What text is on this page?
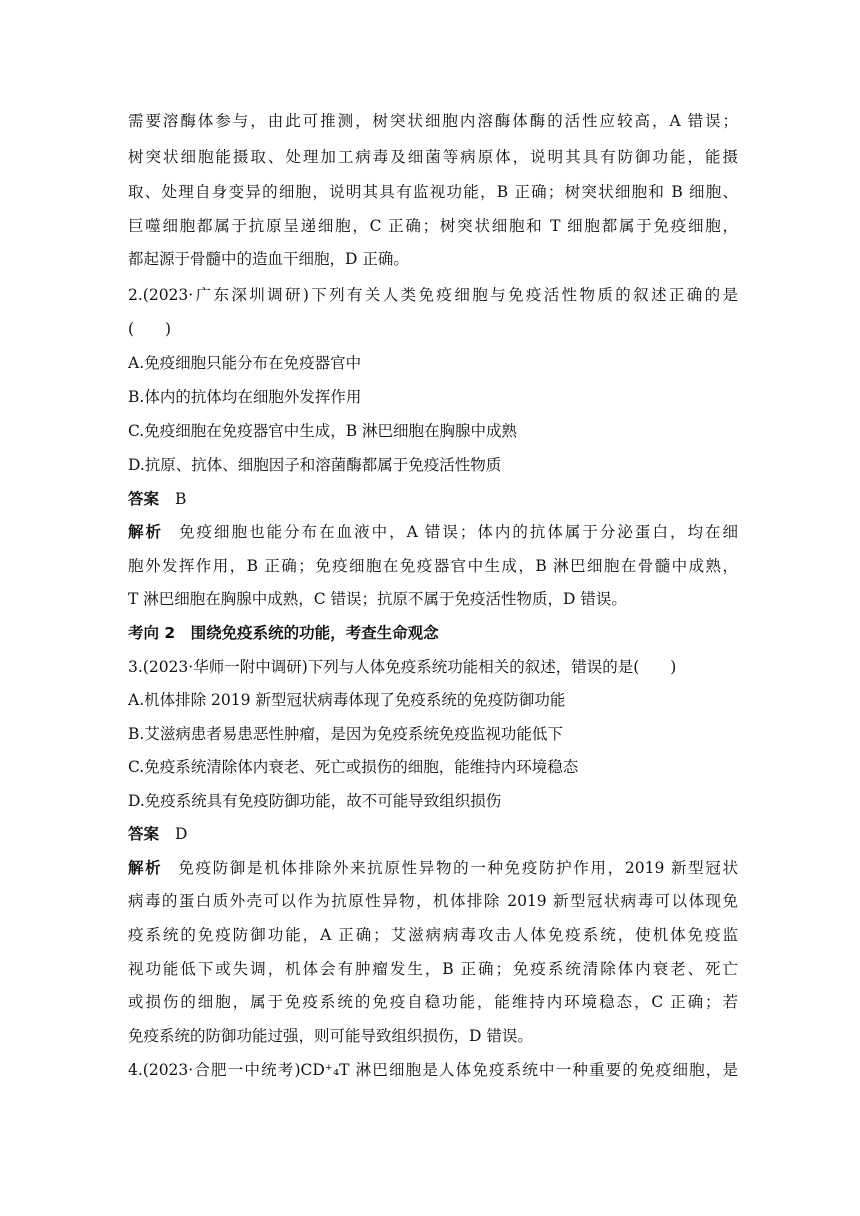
需要溶酶体参与，由此可推测，树突状细胞内溶酶体酶的活性应较高，A 错误；
树突状细胞能摄取、处理加工病毒及细菌等病原体，说明其具有防御功能，能摄
取、处理自身变异的细胞，说明其具有监视功能，B 正确；树突状细胞和 B 细胞、
巨噬细胞都属于抗原呈递细胞，C 正确；树突状细胞和 T 细胞都属于免疫细胞，
都起源于骨髓中的造血干细胞，D 正确。
2.(2023·广东深圳调研)下列有关人类免疫细胞与免疫活性物质的叙述正确的是
(　　)
A.免疫细胞只能分布在免疫器官中
B.体内的抗体均在细胞外发挥作用
C.免疫细胞在免疫器官中生成，B 淋巴细胞在胸腺中成熟
D.抗原、抗体、细胞因子和溶菌酶都属于免疫活性物质
答案 B
解析 免疫细胞也能分布在血液中，A 错误；体内的抗体属于分泌蛋白，均在细
胞外发挥作用，B 正确；免疫细胞在免疫器官中生成，B 淋巴细胞在骨髓中成熟，
T 淋巴细胞在胸腺中成熟，C 错误；抗原不属于免疫活性物质，D 错误。
考向 2　围绕免疫系统的功能，考查生命观念
3.(2023·华师一附中调研)下列与人体免疫系统功能相关的叙述，错误的是(　　)
A.机体排除 2019 新型冠状病毒体现了免疫系统的免疫防御功能
B.艾滋病患者易患恶性肿瘤，是因为免疫系统免疫监视功能低下
C.免疫系统清除体内衰老、死亡或损伤的细胞，能维持内环境稳态
D.免疫系统具有免疫防御功能，故不可能导致组织损伤
答案 D
解析 免疫防御是机体排除外来抗原性异物的一种免疫防护作用，2019 新型冠状
病毒的蛋白质外壳可以作为抗原性异物，机体排除 2019 新型冠状病毒可以体现免
疫系统的免疫防御功能，A 正确；艾滋病病毒攻击人体免疫系统，使机体免疫监
视功能低下或失调，机体会有肿瘤发生，B 正确；免疫系统清除体内衰老、死亡
或损伤的细胞，属于免疫系统的免疫自稳功能，能维持内环境稳态，C 正确；若
免疫系统的防御功能过强，则可能导致组织损伤，D 错误。
4.(2023·合肥一中统考)CD⁺₄T 淋巴细胞是人体免疫系统中一种重要的免疫细胞，是
